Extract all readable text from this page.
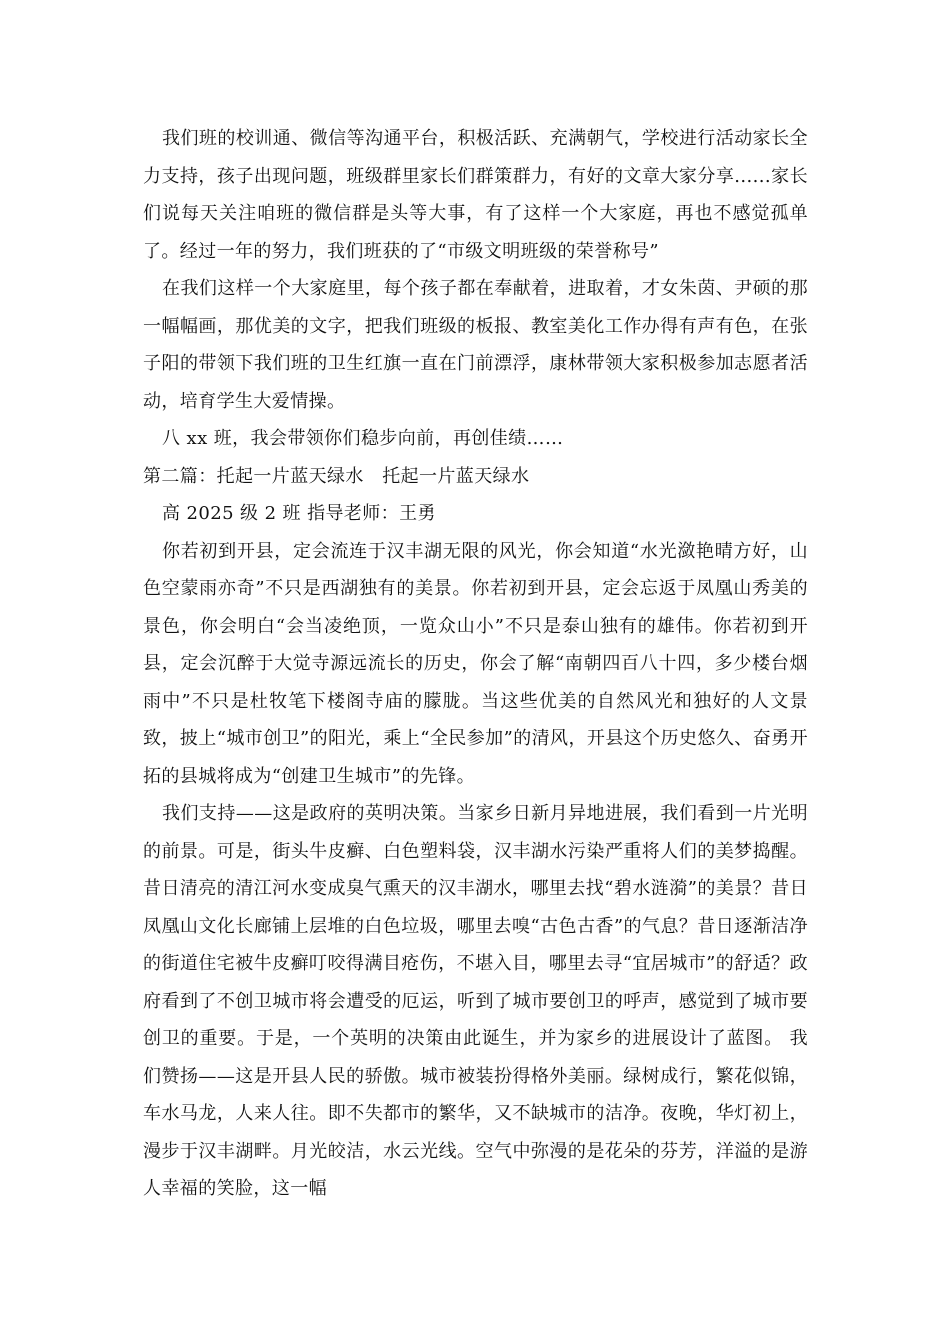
我们班的校训通、微信等沟通平台，积极活跃、充满朝气，学校进行活动家长全力支持，孩子出现问题，班级群里家长们群策群力，有好的文章大家分享......家长们说每天关注咱班的微信群是头等大事，有了这样一个大家庭，再也不感觉孤单了。经过一年的努力，我们班获的了“市级文明班级的荣誉称号”

在我们这样一个大家庭里，每个孩子都在奉献着，进取着，才女朱茵、尹硕的那一幅幅画，那优美的文字，把我们班级的板报、教室美化工作办得有声有色，在张子阳的带领下我们班的卫生红旗一直在门前漂浮，康林带领大家积极参加志愿者活动，培育学生大爱情操。

八 xx 班，我会带领你们稳步向前，再创佳绩……

第二篇：托起一片蓝天绿水　托起一片蓝天绿水

高 2025 级 2 班 指导老师：王勇

你若初到开县，定会流连于汉丰湖无限的风光，你会知道“水光潋艳晴方好，山色空蒙雨亦奇”不只是西湖独有的美景。你若初到开县，定会忘返于凤凰山秀美的景色，你会明白“会当凌绝顶，一览众山小”不只是泰山独有的雄伟。你若初到开县，定会沉醉于大觉寺源远流长的历史，你会了解“南朝四百八十四，多少楼台烟雨中”不只是杜牧笔下楼阁寺庙的朦胧。当这些优美的自然风光和独好的人文景致，披上“城市创卫”的阳光，乘上“全民参加”的清风，开县这个历史悠久、奋勇开拓的县城将成为“创建卫生城市”的先锋。

我们支持——这是政府的英明决策。当家乡日新月异地进展，我们看到一片光明的前景。可是，街头牛皮癣、白色塑料袋，汉丰湖水污染严重将人们的美梦捣醒。昔日清亮的清江河水变成臭气熏天的汉丰湖水，哪里去找“碧水涟漪”的美景？昔日凤凰山文化长廊铺上层堆的白色垃圾，哪里去嗅“古色古香”的气息？昔日逐渐洁净的街道住宅被牛皮癣叮咬得满目疮伤，不堪入目，哪里去寻“宜居城市”的舒适？政府看到了不创卫城市将会遭受的厄运，听到了城市要创卫的呼声，感觉到了城市要创卫的重要。于是，一个英明的决策由此诞生，并为家乡的进展设计了蓝图。 我们赞扬——这是开县人民的骄傲。城市被装扮得格外美丽。绿树成行，繁花似锦，车水马龙，人来人往。即不失都市的繁华，又不缺城市的洁净。夜晚，华灯初上，漫步于汉丰湖畔。月光皎洁，水云光线。空气中弥漫的是花朵的芬芳，洋溢的是游人幸福的笑脸，这一幅
